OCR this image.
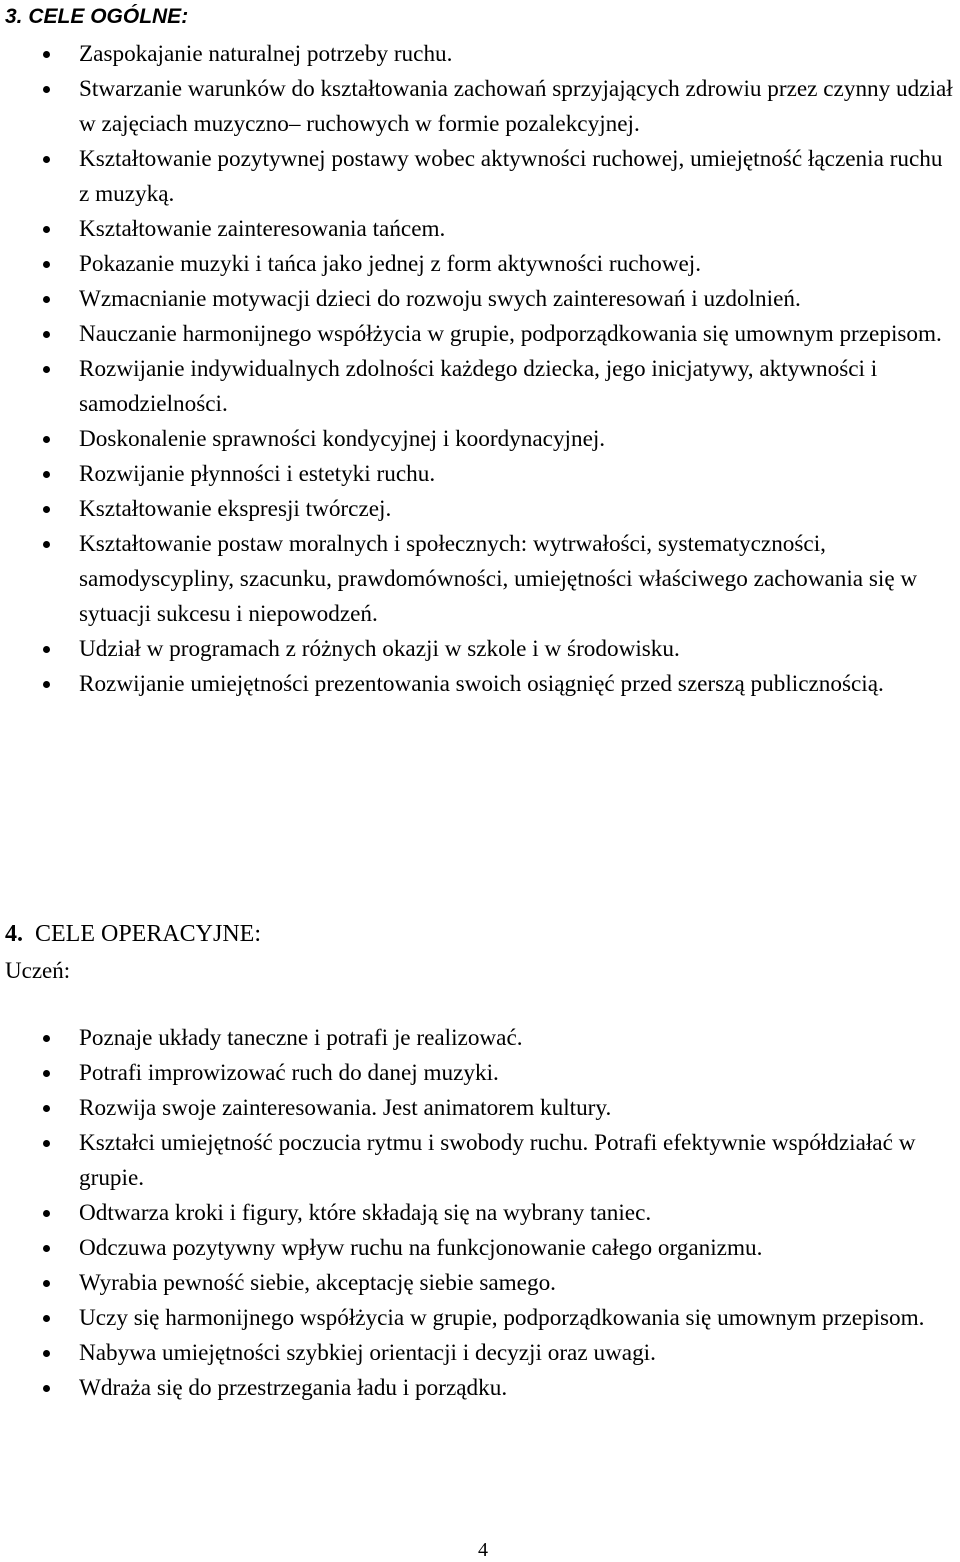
3. CELE OGÓLNE:
Zaspokajanie naturalnej potrzeby ruchu.
Stwarzanie warunków do kształtowania zachowań sprzyjających zdrowiu przez czynny udział w zajęciach muzyczno– ruchowych w formie pozalekcyjnej.
Kształtowanie pozytywnej postawy wobec aktywności ruchowej, umiejętność łączenia ruchu z muzyką.
Kształtowanie zainteresowania tańcem.
Pokazanie muzyki i tańca jako jednej z form aktywności ruchowej.
Wzmacnianie motywacji dzieci do rozwoju swych zainteresowań i uzdolnień.
Nauczanie harmonijnego współżycia w grupie, podporządkowania się umownym przepisom.
Rozwijanie indywidualnych zdolności każdego dziecka, jego inicjatywy, aktywności i samodzielności.
Doskonalenie sprawności kondycyjnej i koordynacyjnej.
Rozwijanie płynności i estetyki ruchu.
Kształtowanie ekspresji twórczej.
Kształtowanie postaw moralnych i społecznych: wytrwałości, systematyczności, samodyscypliny, szacunku, prawdomówności, umiejętności właściwego zachowania się w sytuacji sukcesu i niepowodzeń.
Udział w programach z różnych okazji w szkole i w środowisku.
Rozwijanie umiejętności prezentowania swoich osiągnięć przed szerszą publicznością.
4. CELE OPERACYJNE:
Uczeń:
Poznaje układy taneczne i potrafi je realizować.
Potrafi improwizować ruch do danej muzyki.
Rozwija swoje zainteresowania. Jest animatorem kultury.
Kształci umiejętność poczucia rytmu i swobody ruchu. Potrafi efektywnie współdziałać w grupie.
Odtwarza kroki i figury, które składają się na wybrany taniec.
Odczuwa pozytywny wpływ ruchu na funkcjonowanie całego organizmu.
Wyrabia pewność siebie, akceptację siebie samego.
Uczy się harmonijnego współżycia w grupie, podporządkowania się umownym przepisom.
Nabywa umiejętności szybkiej orientacji i decyzji oraz uwagi.
Wdraża się do przestrzegania ładu i porządku.
4
